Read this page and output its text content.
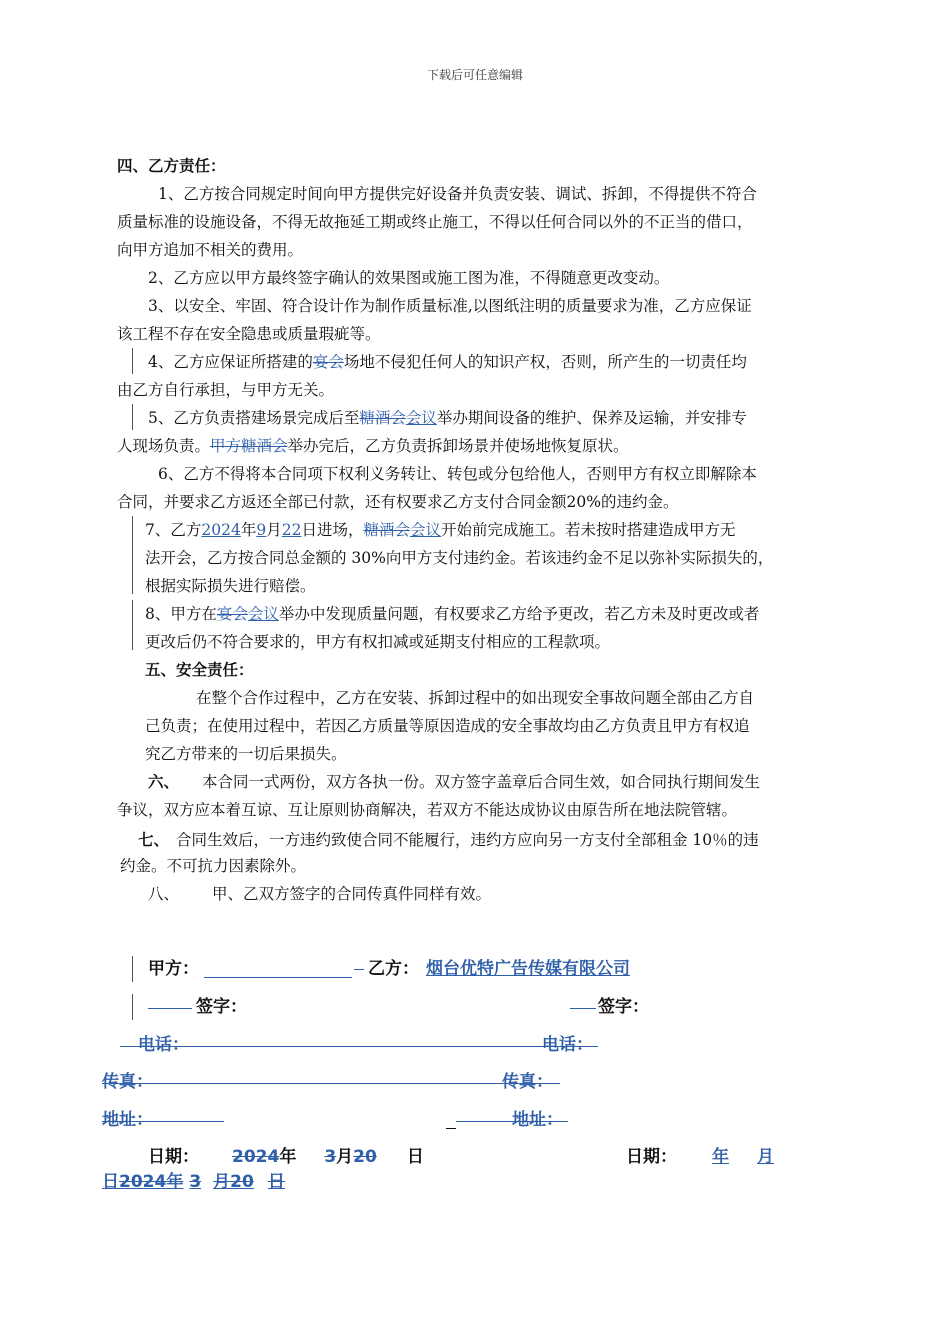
下载后可任意编辑
四、乙方责任：
1、乙方按合同规定时间向甲方提供完好设备并负责安装、调试、拆卸，不得提供不符合
质量标准的设施设备，不得无故拖延工期或终止施工，不得以任何合同以外的不正当的借口，
向甲方追加不相关的费用。
2、乙方应以甲方最终签字确认的效果图或施工图为准，不得随意更改变动。
3、以安全、牢固、符合设计作为制作质量标准,以图纸注明的质量要求为准，乙方应保证
该工程不存在安全隐患或质量瑕疵等。
4、乙方应保证所搭建的宴会场地不侵犯任何人的知识产权，否则，所产生的一切责任均
由乙方自行承担，与甲方无关。
5、乙方负责搭建场景完成后至糖酒会会议举办期间设备的维护、保养及运输，并安排专
人现场负责。甲方糖酒会举办完后，乙方负责拆卸场景并使场地恢复原状。
6、乙方不得将本合同项下权利义务转让、转包或分包给他人，否则甲方有权立即解除本
合同，并要求乙方返还全部已付款，还有权要求乙方支付合同金额20%的违约金。
7、乙方2024年9月22日进场，糖酒会会议开始前完成施工。若未按时搭建造成甲方无
法开会，乙方按合同总金额的 30%向甲方支付违约金。若该违约金不足以弥补实际损失的，
根据实际损失进行赔偿。
8、甲方在宴会会议举办中发现质量问题，有权要求乙方给予更改，若乙方未及时更改或者
更改后仍不符合要求的，甲方有权扣减或延期支付相应的工程款项。
五、安全责任：
在整个合作过程中，乙方在安装、拆卸过程中的如出现安全事故问题全部由乙方自
己负责；在使用过程中，若因乙方质量等原因造成的安全事故均由乙方负责且甲方有权追
究乙方带来的一切后果损失。
六、 本合同一式两份，双方各执一份。双方签字盖章后合同生效，如合同执行期间发生
争议，双方应本着互谅、互让原则协商解决，若双方不能达成协议由原告所在地法院管辖。
七、 合同生效后，一方违约致使合同不能履行，违约方应向另一方支付全部租金 10％的违
约金。不可抗力因素除外。
八、 甲、乙双方签字的合同传真件同样有效。
甲方：	乙方： 烟台优特广告传媒有限公司
签字：	签字：
电话：	电话：
传真：	传真：
地址：	地址：
日期：	2024年 3月20 日	日期：	年 月
日2024年 3 月20 日
